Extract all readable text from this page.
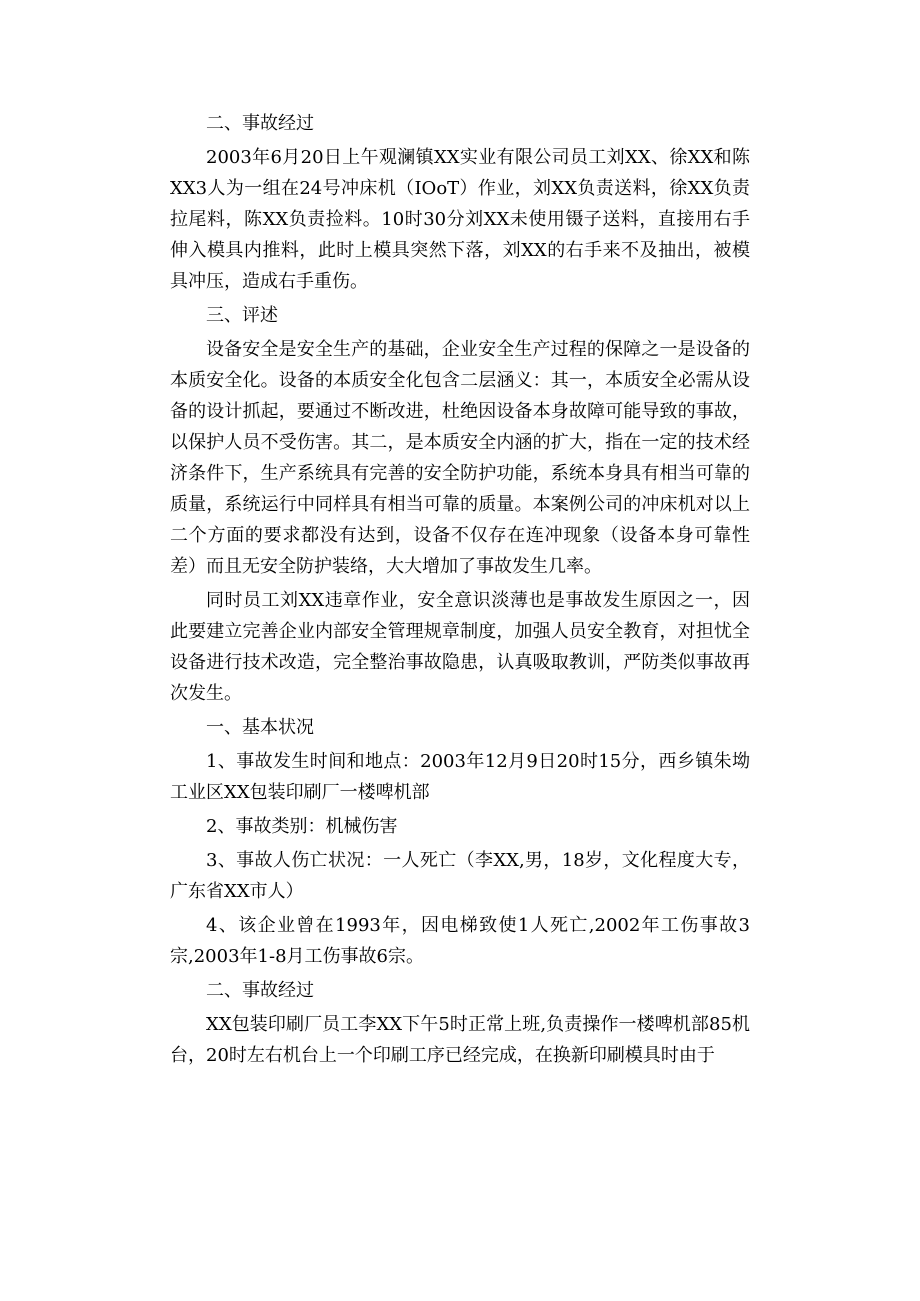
二、事故经过

2003年6月20日上午观澜镇XX实业有限公司员工刘XX、徐XX和陈XX3人为一组在24号冲床机（IOoT）作业，刘XX负责送料，徐XX负责拉尾料，陈XX负责捡料。10时30分刘XX未使用镊子送料，直接用右手伸入模具内推料，此时上模具突然下落，刘XX的右手来不及抽出，被模具冲压，造成右手重伤。

三、评述

设备安全是安全生产的基础，企业安全生产过程的保障之一是设备的本质安全化。设备的本质安全化包含二层涵义：其一，本质安全必需从设备的设计抓起，要通过不断改进，杜绝因设备本身故障可能导致的事故，以保护人员不受伤害。其二，是本质安全内涵的扩大，指在一定的技术经济条件下，生产系统具有完善的安全防护功能，系统本身具有相当可靠的质量，系统运行中同样具有相当可靠的质量。本案例公司的冲床机对以上二个方面的要求都没有达到，设备不仅存在连冲现象（设备本身可靠性差）而且无安全防护装络，大大增加了事故发生几率。

同时员工刘XX违章作业，安全意识淡薄也是事故发生原因之一，因此要建立完善企业内部安全管理规章制度，加强人员安全教育，对担忧全设备进行技术改造，完全整治事故隐患，认真吸取教训，严防类似事故再次发生。

一、基本状况

1、事故发生时间和地点：2003年12月9日20时15分，西乡镇朱坳工业区XX包装印刷厂一楼啤机部

2、事故类别：机械伤害

3、事故人伤亡状况：一人死亡（李XX,男，18岁，文化程度大专，广东省XX市人）

4、该企业曾在1993年，因电梯致使1人死亡,2002年工伤事故3宗,2003年1-8月工伤事故6宗。

二、事故经过

XX包装印刷厂员工李XX下午5时正常上班,负责操作一楼啤机部85机台，20时左右机台上一个印刷工序已经完成，在换新印刷模具时由于
